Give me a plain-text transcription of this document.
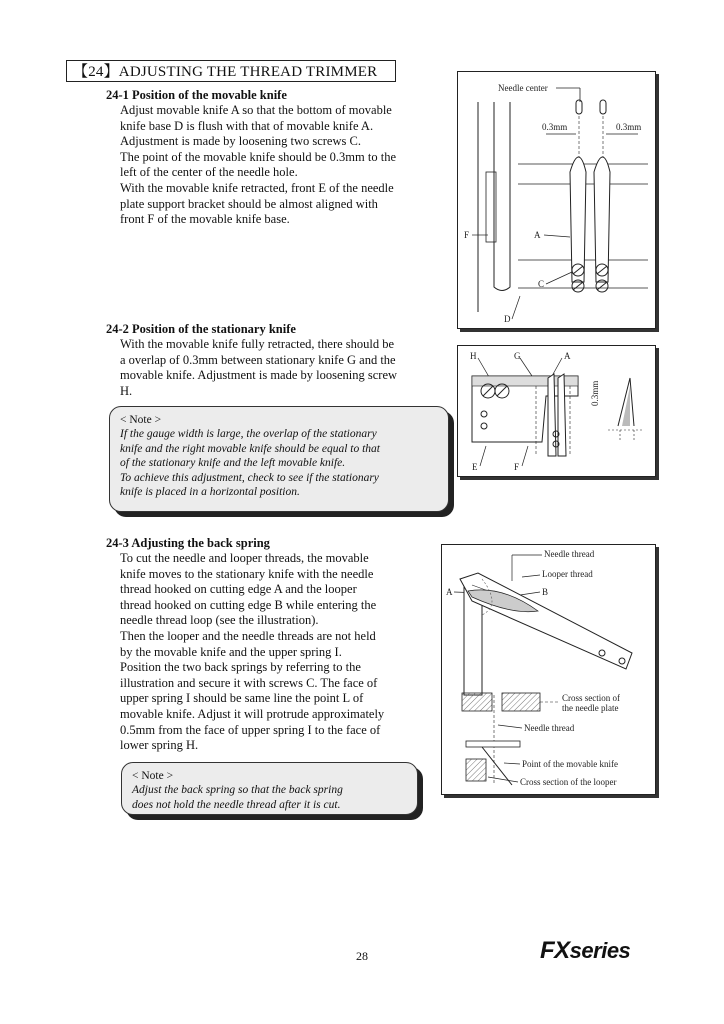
【24】ADJUSTING THE THREAD TRIMMER
24-1 Position of the movable knife
Adjust movable knife A so that the bottom of movable
knife base D is flush with that of movable knife A.
Adjustment is made by loosening two screws C.
The point of the movable knife should be 0.3mm to the
left of the center of the needle hole.
With the movable knife retracted, front E of the needle
plate support bracket should be almost aligned with
front F of the movable knife base.
Needle center
0.3mm	0.3mm
F	A
C
D
24-2 Position of the stationary knife
With the movable knife fully retracted, there should be
a overlap of 0.3mm between stationary knife G and the
movable knife. Adjustment is made by loosening screw
H.
< Note >
If the gauge width is large, the overlap of the stationary
knife and the right movable knife should be equal to that
of the stationary knife and the left movable knife.
To achieve this adjustment, check to see if the stationary
knife is placed in a horizontal position.
H	G	A
E	F
0.3mm
24-3 Adjusting the back spring
To cut the needle and looper threads, the movable
knife moves to the stationary knife with the needle
thread hooked on cutting edge A and the looper
thread hooked on cutting edge B while entering the
needle thread loop (see the illustration).
Then the looper and the needle threads are not held
by the movable knife and the upper spring I.
Position the two back springs by referring to the
illustration and secure it with screws C. The face of
upper spring I should be same line the point L of
movable knife. Adjust it will protrude approximately
0.5mm from the face of upper spring I to the face of
lower spring H.
< Note >
Adjust the back spring so that the back spring
does not hold the needle thread after it is cut.
Needle thread
Looper thread
A	B
Cross section of
the needle plate
Needle thread
Point of the movable knife
Cross section of the looper
28	FXseries
